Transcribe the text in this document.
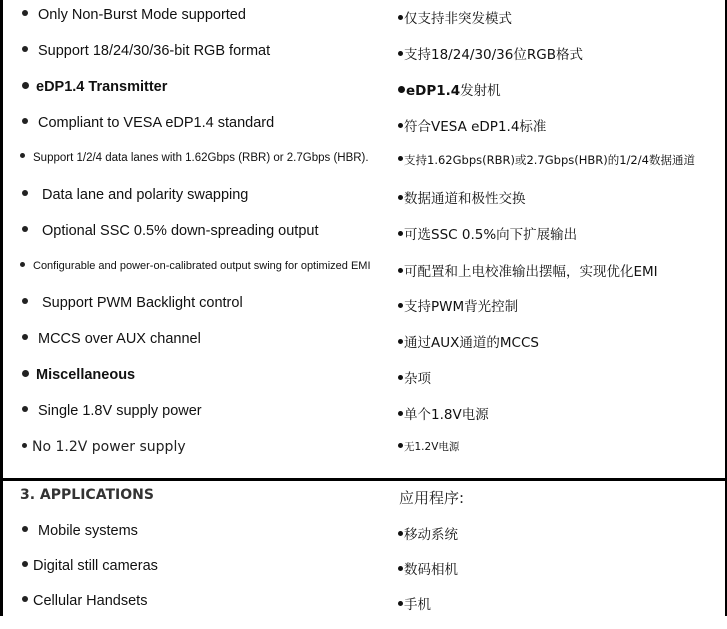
Only Non-Burst Mode supported	仅支持非突发模式
Support 18/24/30/36-bit RGB format	支持18/24/30/36位RGB格式
eDP1.4 Transmitter	eDP1.4发射机
Compliant to VESA eDP1.4 standard	符合VESA eDP1.4标准
Support 1/2/4 data lanes with 1.62Gbps (RBR) or 2.7Gbps (HBR).	支持1.62Gbps(RBR)或2.7Gbps(HBR)的1/2/4数据通道
Data lane and polarity swapping	数据通道和极性交换
Optional SSC 0.5% down-spreading output	可选SSC 0.5%向下扩展输出
Configurable and power-on-calibrated output swing for optimized EMI	可配置和上电校准输出摆幅，实现优化EMI
Support PWM Backlight control	支持PWM背光控制
MCCS over AUX channel	通过AUX通道的MCCS
Miscellaneous	杂项
Single 1.8V supply power	单个1.8V电源
No 1.2V power supply	无1.2V电源
3. APPLICATIONS	应用程序:
Mobile systems	移动系统
Digital still cameras	数码相机
Cellular Handsets	手机
